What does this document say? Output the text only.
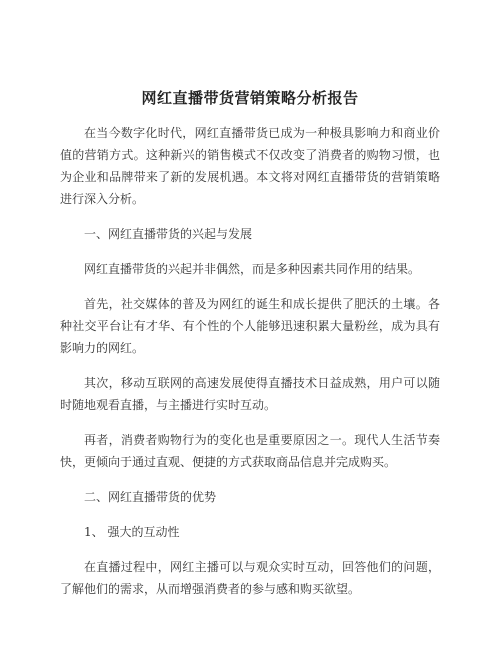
网红直播带货营销策略分析报告

在当今数字化时代，网红直播带货已成为一种极具影响力和商业价值的营销方式。这种新兴的销售模式不仅改变了消费者的购物习惯，也为企业和品牌带来了新的发展机遇。本文将对网红直播带货的营销策略进行深入分析。

一、网红直播带货的兴起与发展

网红直播带货的兴起并非偶然，而是多种因素共同作用的结果。

首先，社交媒体的普及为网红的诞生和成长提供了肥沃的土壤。各种社交平台让有才华、有个性的个人能够迅速积累大量粉丝，成为具有影响力的网红。

其次，移动互联网的高速发展使得直播技术日益成熟，用户可以随时随地观看直播，与主播进行实时互动。

再者，消费者购物行为的变化也是重要原因之一。现代人生活节奏快，更倾向于通过直观、便捷的方式获取商品信息并完成购买。

二、网红直播带货的优势

1、 强大的互动性

在直播过程中，网红主播可以与观众实时互动，回答他们的问题，了解他们的需求，从而增强消费者的参与感和购买欲望。
